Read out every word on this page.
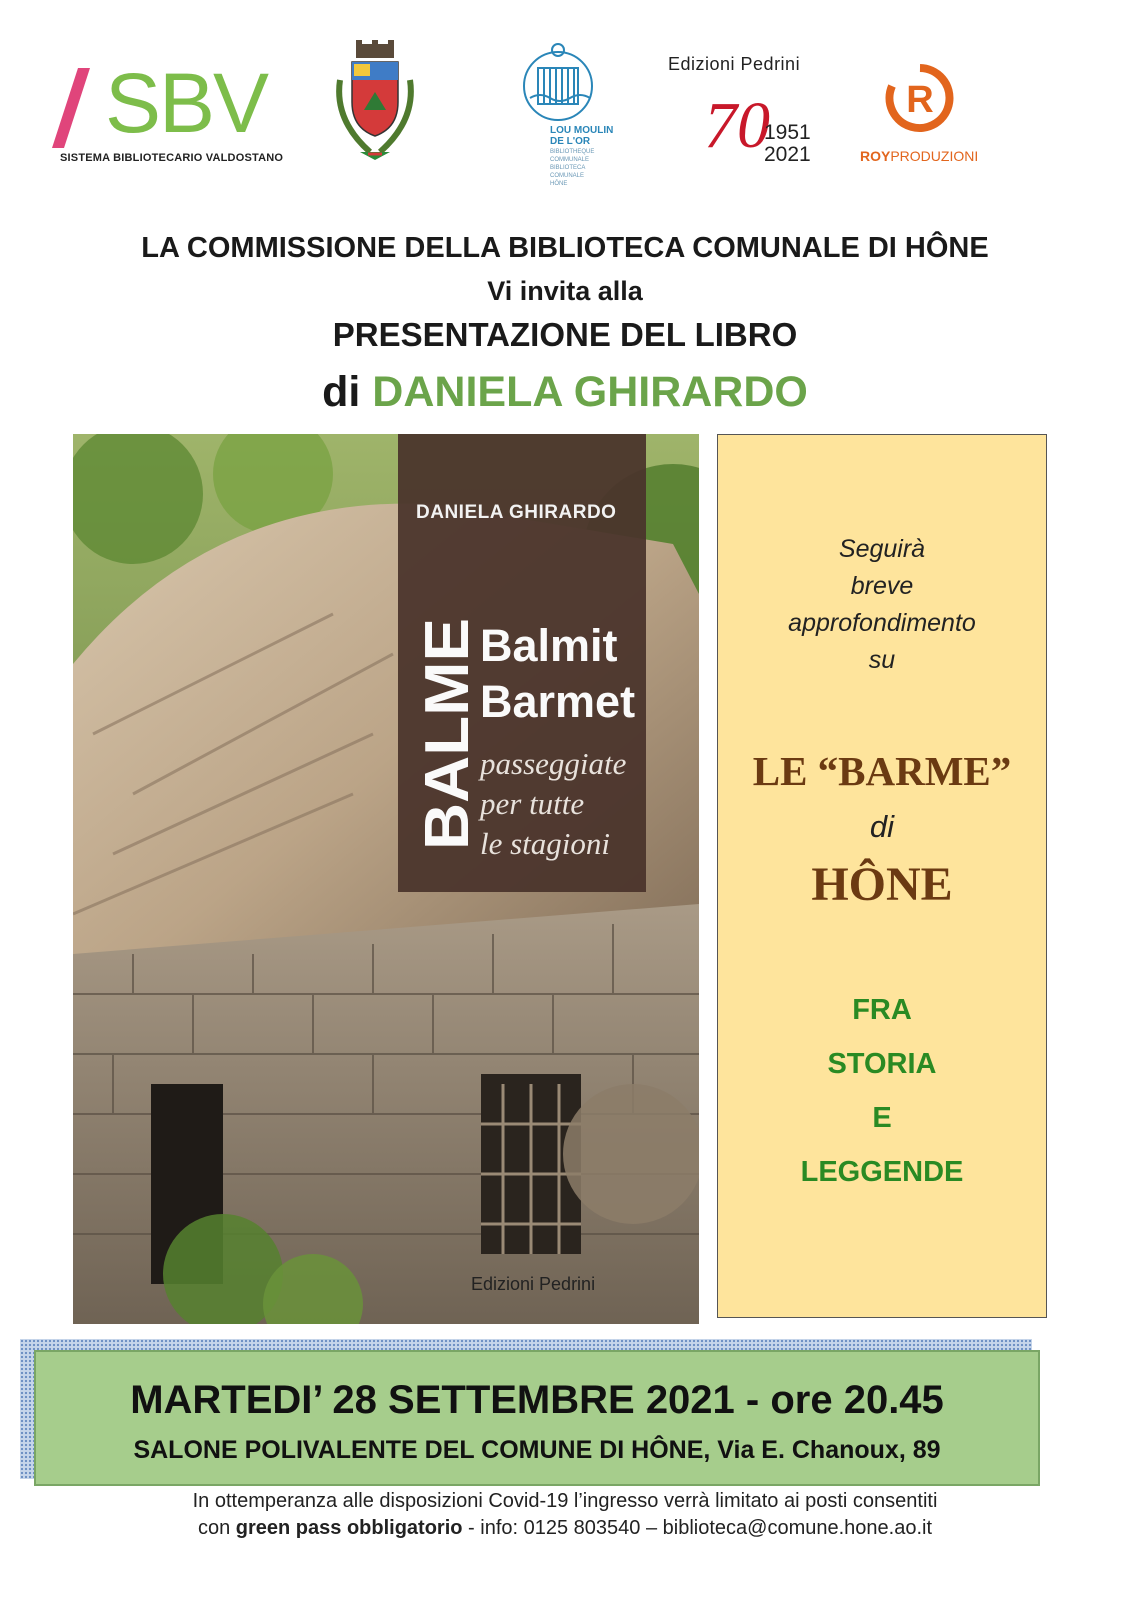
SBV
SISTEMA BIBLIOTECARIO VALDOSTANO
LOU MOULIN DE L'OR
BIBLIOTHEQUE COMMUNALE BIBLIOTECA COMUNALE HÔNE
Edizioni Pedrini
70
1951 2021
R
ROYPRODUZIONI
LA COMMISSIONE DELLA BIBLIOTECA COMUNALE DI HÔNE
Vi invita alla
PRESENTAZIONE DEL LIBRO
di DANIELA GHIRARDO
DANIELA GHIRARDO
BALME
Balmit
Barmet
passeggiate
per tutte
le stagioni
Edizioni Pedrini
Seguirà
breve
approfondimento
su
LE “BARME”
di
HÔNE
FRA
STORIA
E
LEGGENDE
MARTEDI’ 28 SETTEMBRE 2021 - ore 20.45
SALONE POLIVALENTE DEL COMUNE DI HÔNE, Via E. Chanoux, 89
In ottemperanza alle disposizioni Covid-19 l’ingresso verrà limitato ai posti consentiti
con green pass obbligatorio - info: 0125 803540 – biblioteca@comune.hone.ao.it
